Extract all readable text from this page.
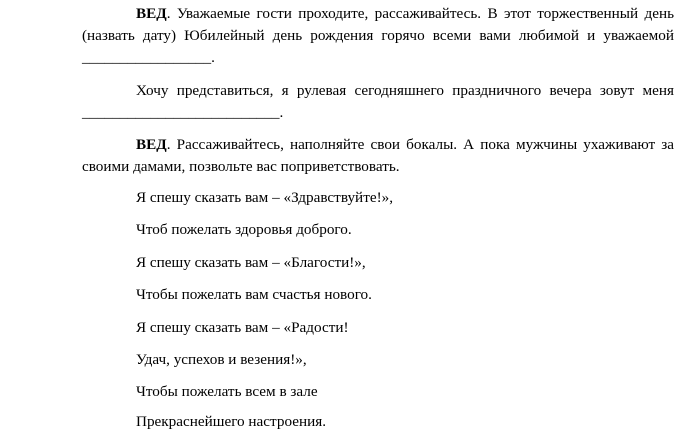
ВЕД. Уважаемые гости проходите, рассаживайтесь. В этот торжественный день (назвать дату) Юбилейный день рождения горячо всеми вами любимой и уважаемой _________________.

Хочу представиться, я рулевая сегодняшнего праздничного вечера зовут меня __________________________.

ВЕД. Рассаживайтесь, наполняйте свои бокалы. А пока мужчины ухаживают за своими дамами, позвольте вас поприветствовать.

Я спешу сказать вам – «Здравствуйте!»,

Чтоб пожелать здоровья доброго.

Я спешу сказать вам – «Благости!»,

Чтобы пожелать вам счастья нового.

Я спешу сказать вам – «Радости!

Удач, успехов и везения!»,

Чтобы пожелать всем в зале

Прекраснейшего настроения.
